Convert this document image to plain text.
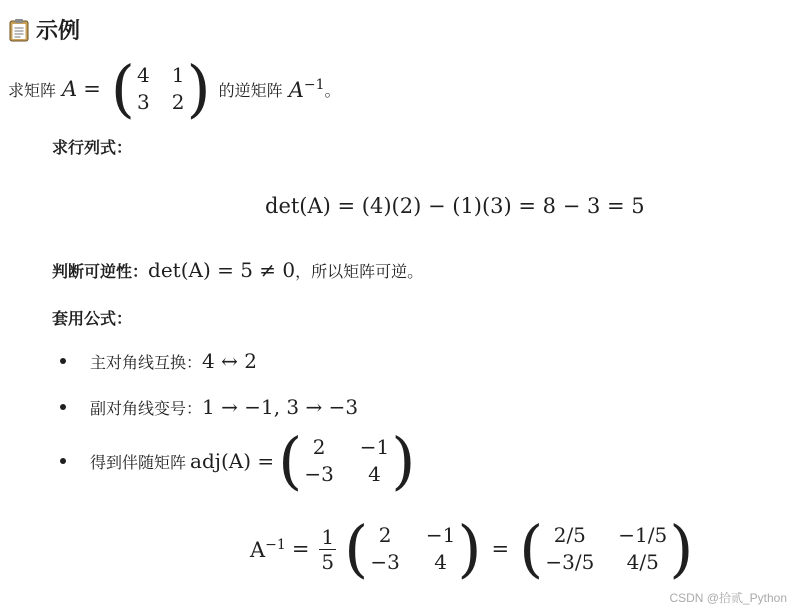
示例
求矩阵 A = ( 4 1
3 2 ) 的逆矩阵 $A^{-1}$ 。
求行列式：
det(A) = (4)(2) − (1)(3) = 8 − 3 = 5
判断可逆性： det(A) = 5 ≠ 0 ，所以矩阵可逆。
套用公式：
主对角线互换： 4 ↔ 2
副对角线变号： 1 → −1, 3 → −3
得到伴随矩阵 adj(A) = ( 2	−1
−3	4 )
$A^{-1} = \frac{1}{5}$ ( 2	−1
−3	4 ) = ( 2/5	−1/5
−3/5	4/5 )
CSDN @拾贰_Python
